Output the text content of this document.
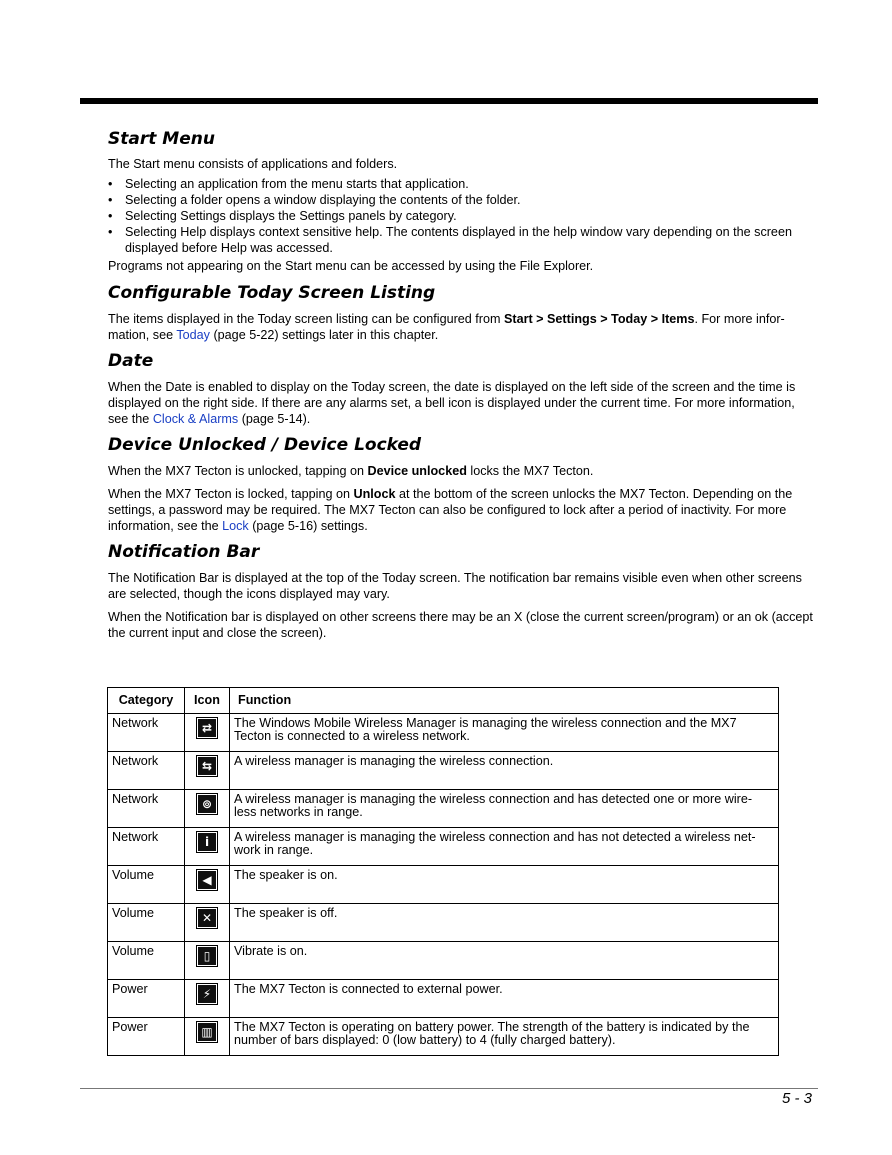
Start Menu

The Start menu consists of applications and folders.

• Selecting an application from the menu starts that application.
• Selecting a folder opens a window displaying the contents of the folder.
• Selecting Settings displays the Settings panels by category.
• Selecting Help displays context sensitive help. The contents displayed in the help window vary depending on the screen displayed before Help was accessed.

Programs not appearing on the Start menu can be accessed by using the File Explorer.

Configurable Today Screen Listing

The items displayed in the Today screen listing can be configured from Start > Settings > Today > Items. For more infor-mation, see Today (page 5-22) settings later in this chapter.

Date

When the Date is enabled to display on the Today screen, the date is displayed on the left side of the screen and the time is displayed on the right side. If there are any alarms set, a bell icon is displayed under the current time. For more information, see the Clock & Alarms (page 5-14).

Device Unlocked / Device Locked

When the MX7 Tecton is unlocked, tapping on Device unlocked locks the MX7 Tecton.

When the MX7 Tecton is locked, tapping on Unlock at the bottom of the screen unlocks the MX7 Tecton. Depending on the settings, a password may be required. The MX7 Tecton can also be configured to lock after a period of inactivity. For more information, see the Lock (page 5-16) settings.

Notification Bar

The Notification Bar is displayed at the top of the Today screen. The notification bar remains visible even when other screens are selected, though the icons displayed may vary.

When the Notification bar is displayed on other screens there may be an X (close the current screen/program) or an ok (accept the current input and close the screen).

Category	Icon	Function
Network	⇄	The Windows Mobile Wireless Manager is managing the wireless connection and the MX7 Tecton is connected to a wireless network.
Network	⇆	A wireless manager is managing the wireless connection.
Network	⊚	A wireless manager is managing the wireless connection and has detected one or more wire-less networks in range.
Network	i	A wireless manager is managing the wireless connection and has not detected a wireless net-work in range.
Volume	◀	The speaker is on.
Volume	✕	The speaker is off.
Volume	▯	Vibrate is on.
Power	⚡	The MX7 Tecton is connected to external power.
Power	▥	The MX7 Tecton is operating on battery power. The strength of the battery is indicated by the number of bars displayed: 0 (low battery) to 4 (fully charged battery).
5 - 3
